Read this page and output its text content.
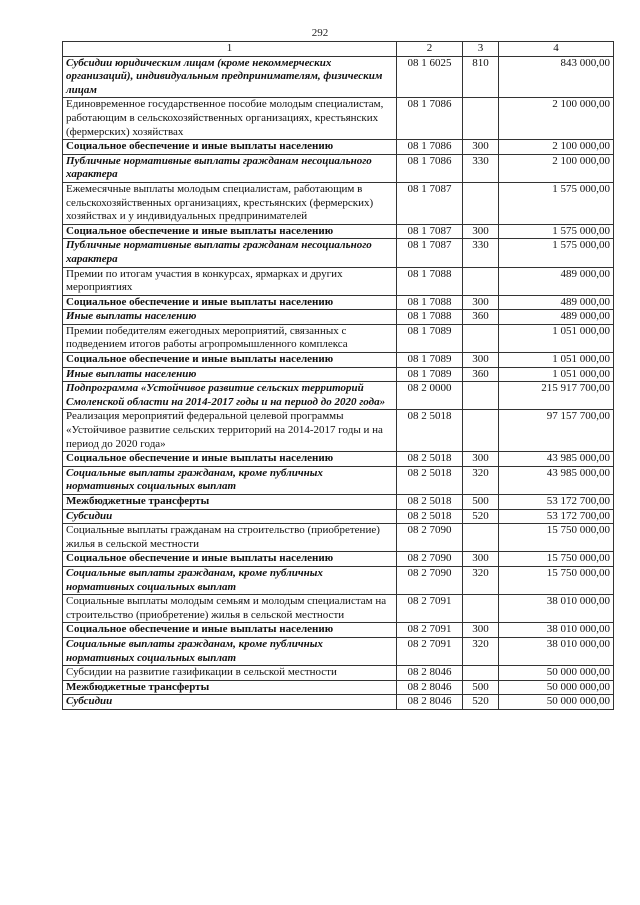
292
1	2	3	4
Субсидии юридическим лицам (кроме некоммерческих организаций), индивидуальным предпринимателям, физическим лицам	08 1 6025	810	843 000,00
Единовременное государственное пособие молодым специалистам, работающим в сельскохозяйственных организациях, крестьянских (фермерских) хозяйствах	08 1 7086		2 100 000,00
Социальное обеспечение и иные выплаты населению	08 1 7086	300	2 100 000,00
Публичные нормативные выплаты гражданам несоциального характера	08 1 7086	330	2 100 000,00
Ежемесячные выплаты молодым специалистам, работающим в сельскохозяйственных организациях, крестьянских (фермерских) хозяйствах и у индивидуальных предпринимателей	08 1 7087		1 575 000,00
Социальное обеспечение и иные выплаты населению	08 1 7087	300	1 575 000,00
Публичные нормативные выплаты гражданам несоциального характера	08 1 7087	330	1 575 000,00
Премии по итогам участия в конкурсах, ярмарках и других мероприятиях	08 1 7088		489 000,00
Социальное обеспечение и иные выплаты населению	08 1 7088	300	489 000,00
Иные выплаты населению	08 1 7088	360	489 000,00
Премии победителям ежегодных мероприятий, связанных с подведением итогов работы агропромышленного комплекса	08 1 7089		1 051 000,00
Социальное обеспечение и иные выплаты населению	08 1 7089	300	1 051 000,00
Иные выплаты населению	08 1 7089	360	1 051 000,00
Подпрограмма «Устойчивое развитие сельских территорий Смоленской области на 2014-2017 годы и на период до 2020 года»	08 2 0000		215 917 700,00
Реализация мероприятий федеральной целевой программы «Устойчивое развитие сельских территорий на 2014-2017 годы и на период до 2020 года»	08 2 5018		97 157 700,00
Социальное обеспечение и иные выплаты населению	08 2 5018	300	43 985 000,00
Социальные выплаты гражданам, кроме публичных нормативных социальных выплат	08 2 5018	320	43 985 000,00
Межбюджетные трансферты	08 2 5018	500	53 172 700,00
Субсидии	08 2 5018	520	53 172 700,00
Социальные выплаты гражданам на строительство (приобретение) жилья в сельской местности	08 2 7090		15 750 000,00
Социальное обеспечение и иные выплаты населению	08 2 7090	300	15 750 000,00
Социальные выплаты гражданам, кроме публичных нормативных социальных выплат	08 2 7090	320	15 750 000,00
Социальные выплаты молодым семьям и молодым специалистам на строительство (приобретение) жилья в сельской местности	08 2 7091		38 010 000,00
Социальное обеспечение и иные выплаты населению	08 2 7091	300	38 010 000,00
Социальные выплаты гражданам, кроме публичных нормативных социальных выплат	08 2 7091	320	38 010 000,00
Субсидии на развитие газификации в сельской местности	08 2 8046		50 000 000,00
Межбюджетные трансферты	08 2 8046	500	50 000 000,00
Субсидии	08 2 8046	520	50 000 000,00
